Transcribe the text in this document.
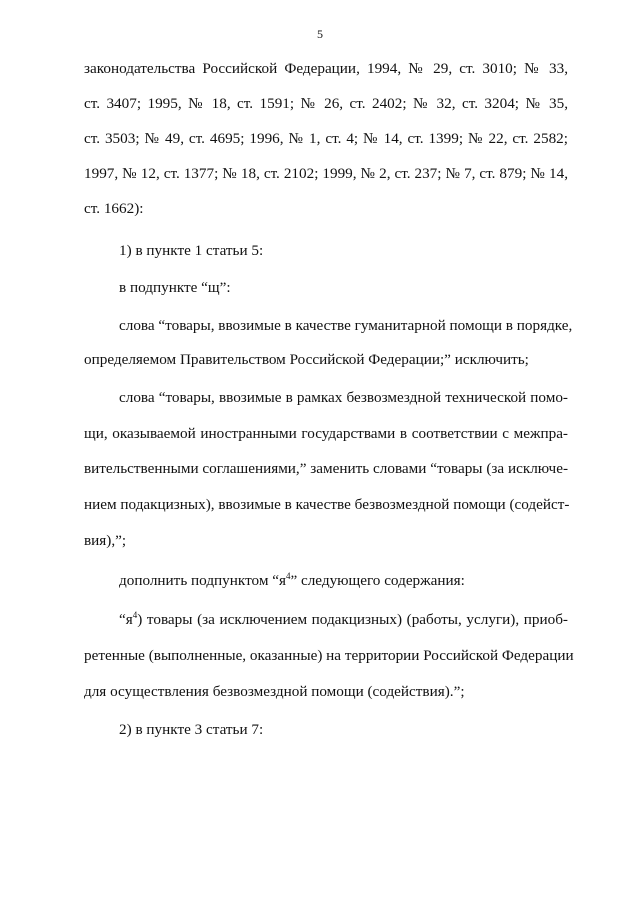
5
законодательства Российской Федерации, 1994, № 29, ст. 3010; № 33,
ст. 3407; 1995, № 18, ст. 1591; № 26, ст. 2402; № 32, ст. 3204; № 35,
ст. 3503; № 49, ст. 4695; 1996, № 1, ст. 4; № 14, ст. 1399; № 22, ст. 2582;
1997, № 12, ст. 1377; № 18, ст. 2102; 1999, № 2, ст. 237; № 7, ст. 879; № 14,
ст. 1662):
1) в пункте 1 статьи 5:
в подпункте “щ”:
слова “товары, ввозимые в качестве гуманитарной помощи в порядке,
определяемом Правительством Российской Федерации;” исключить;
слова “товары, ввозимые в рамках безвозмездной технической помо-
щи, оказываемой иностранными государствами в соответствии с межпра-
вительственными соглашениями,” заменить словами “товары (за исключе-
нием подакцизных), ввозимые в качестве безвозмездной помощи (содейст-
вия),”;
дополнить подпунктом “$я^4$” следующего содержания:
“$я^4$) товары (за исключением подакцизных) (работы, услуги), приоб-
ретенные (выполненные, оказанные) на территории Российской Федерации
для осуществления безвозмездной помощи (содействия).”;
2) в пункте 3 статьи 7:
